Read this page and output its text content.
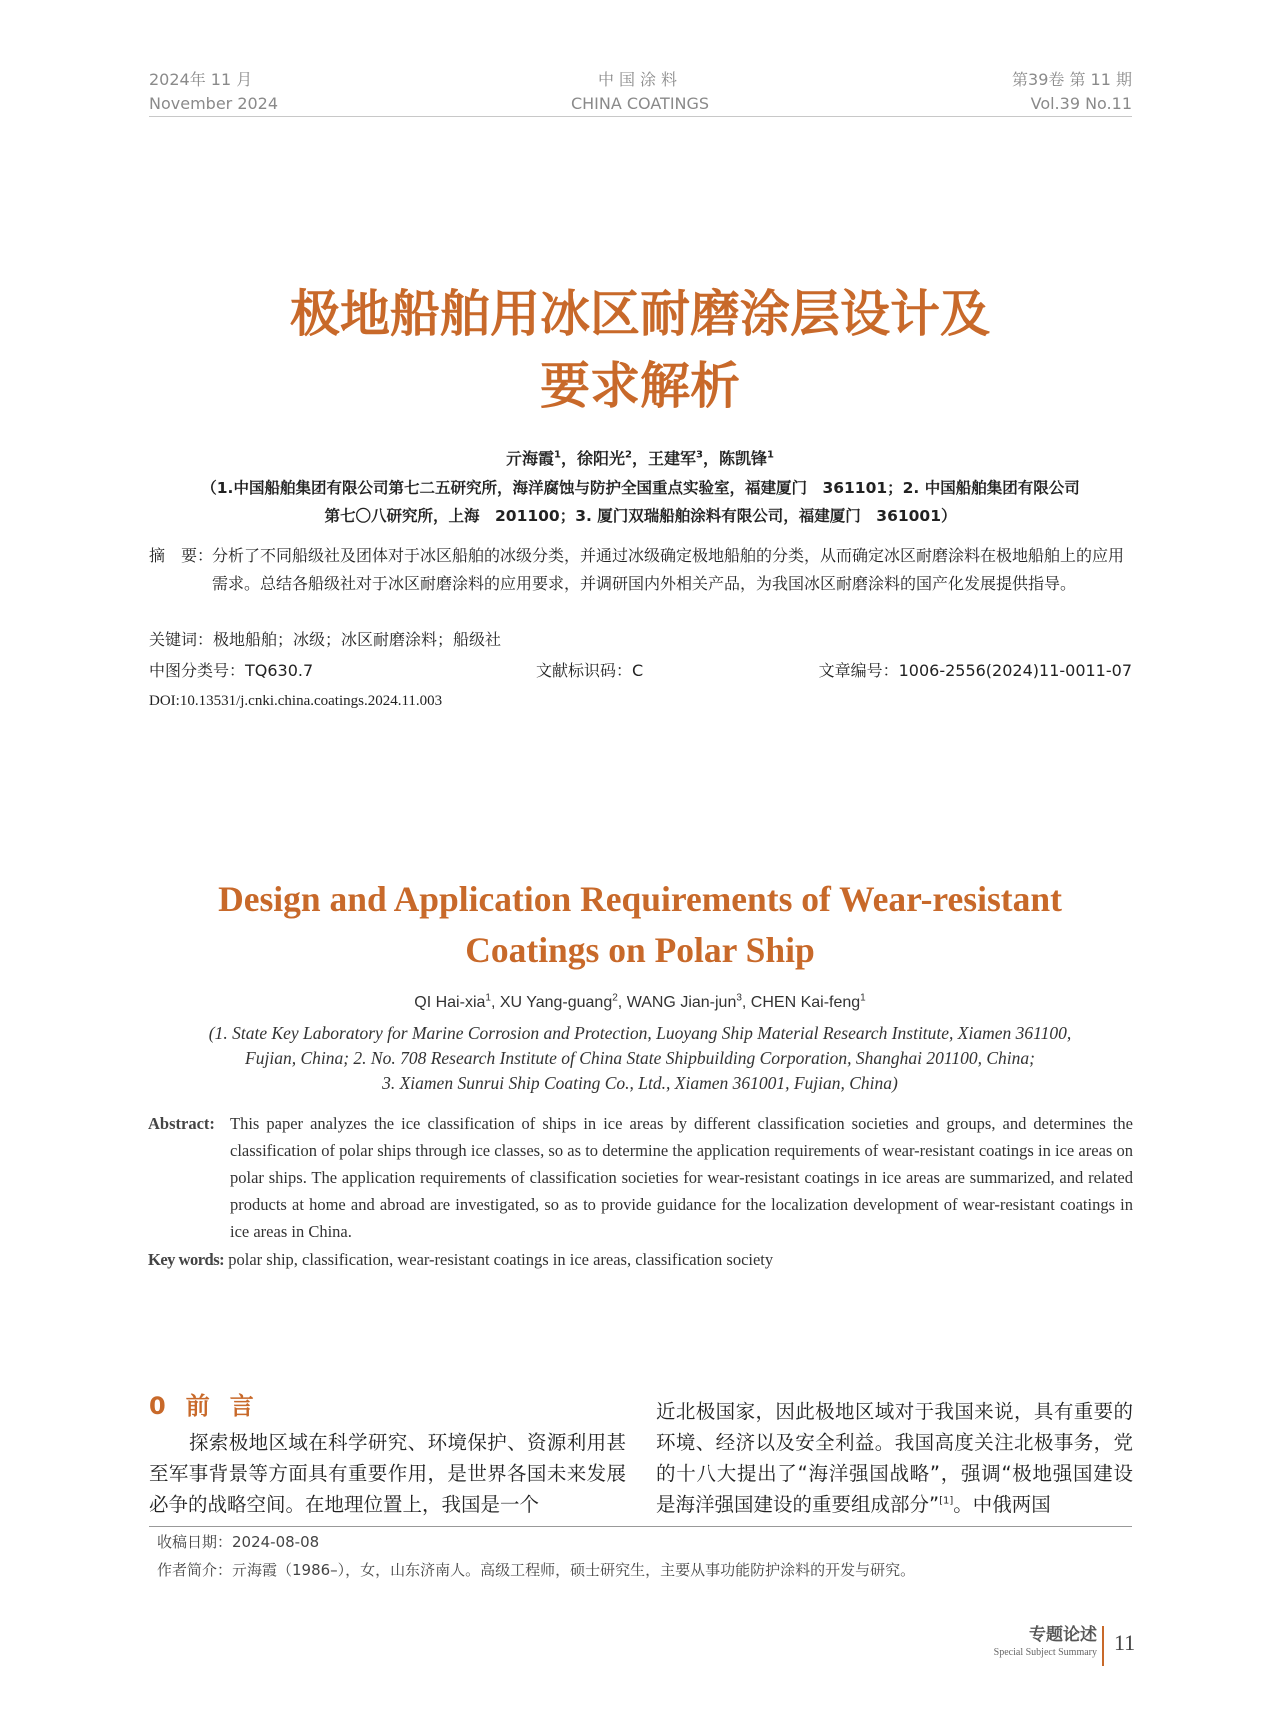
2024年 11 月
November 2024
中国涂料
CHINA COATINGS
第39卷 第 11 期
Vol.39 No.11
极地船舶用冰区耐磨涂层设计及
要求解析
亓海霞$^1$，徐阳光$^2$，王建军$^3$，陈凯锋$^1$
（1.中国船舶集团有限公司第七二五研究所，海洋腐蚀与防护全国重点实验室，福建厦门　361101；2. 中国船舶集团有限公司
第七〇八研究所，上海　201100；3. 厦门双瑞船舶涂料有限公司，福建厦门　361001）
摘　要：
分析了不同船级社及团体对于冰区船舶的冰级分类，并通过冰级确定极地船舶的分类，从而确定冰区耐磨涂料在极地船舶上的应用需求。总结各船级社对于冰区耐磨涂料的应用要求，并调研国内外相关产品，为我国冰区耐磨涂料的国产化发展提供指导。
关键词：极地船舶；冰级；冰区耐磨涂料；船级社
中图分类号：TQ630.7	文献标识码：C	文章编号：1006-2556(2024)11-0011-07
DOI:10.13531/j.cnki.china.coatings.2024.11.003
Design and Application Requirements of Wear-resistant
Coatings on Polar Ship
QI Hai-xia$^1$, XU Yang-guang$^2$, WANG Jian-jun$^3$, CHEN Kai-feng$^1$
(1. State Key Laboratory for Marine Corrosion and Protection, Luoyang Ship Material Research Institute, Xiamen 361100,
Fujian, China; 2. No. 708 Research Institute of China State Shipbuilding Corporation, Shanghai 201100, China;
3. Xiamen Sunrui Ship Coating Co., Ltd., Xiamen 361001, Fujian, China)
Abstract: This paper analyzes the ice classification of ships in ice areas by different classification societies and groups, and determines the classification of polar ships through ice classes, so as to determine the application requirements of wear-resistant coatings in ice areas on polar ships. The application requirements of classification societies for wear-resistant coatings in ice areas are summarized, and related products at home and abroad are investigated, so as to provide guidance for the localization development of wear-resistant coatings in ice areas in China.
Key words: polar ship, classification, wear-resistant coatings in ice areas, classification society
0 前言
探索极地区域在科学研究、环境保护、资源利用甚至军事背景等方面具有重要作用，是世界各国未来发展必争的战略空间。在地理位置上，我国是一个
近北极国家，因此极地区域对于我国来说，具有重要的环境、经济以及安全利益。我国高度关注北极事务，党的十八大提出了“海洋强国战略”，强调“极地强国建设是海洋强国建设的重要组成部分”[1]。中俄两国
收稿日期：2024-08-08
作者简介：亓海霞（1986–），女，山东济南人。高级工程师，硕士研究生，主要从事功能防护涂料的开发与研究。
专题论述
Special Subject Summary 11
